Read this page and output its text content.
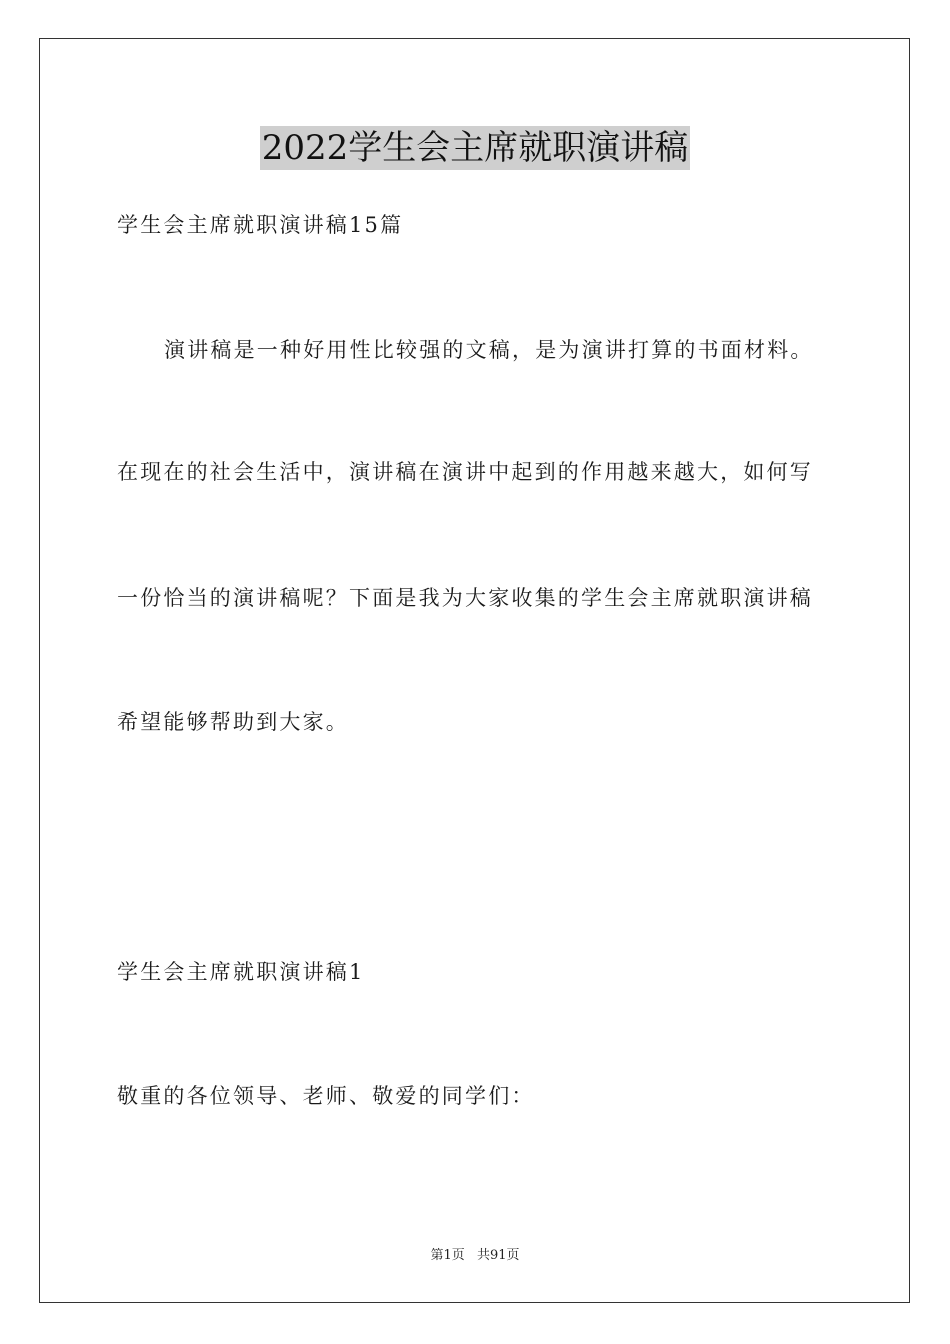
2022学生会主席就职演讲稿
学生会主席就职演讲稿15篇
演讲稿是一种好用性比较强的文稿，是为演讲打算的书面材料。
在现在的社会生活中，演讲稿在演讲中起到的作用越来越大，如何写
一份恰当的演讲稿呢？下面是我为大家收集的学生会主席就职演讲稿
希望能够帮助到大家。
学生会主席就职演讲稿1
敬重的各位领导、老师、敬爱的同学们：
第1页 共91页
